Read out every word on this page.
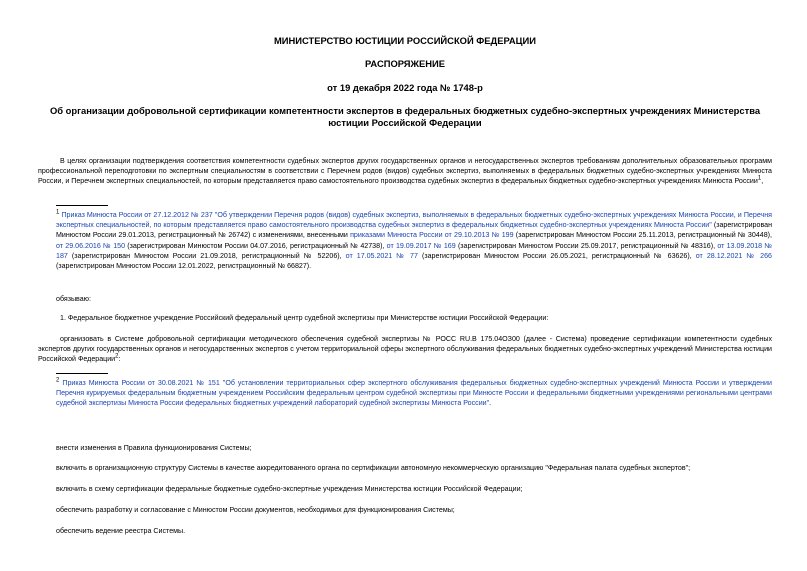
МИНИСТЕРСТВО ЮСТИЦИИ РОССИЙСКОЙ ФЕДЕРАЦИИ
РАСПОРЯЖЕНИЕ
от 19 декабря 2022 года № 1748-р
Об организации добровольной сертификации компетентности экспертов в федеральных бюджетных судебно-экспертных учреждениях Министерства юстиции Российской Федерации

В целях организации подтверждения соответствия компетентности судебных экспертов других государственных органов и негосударственных экспертов требованиям дополнительных образовательных программ профессиональной переподготовки по экспертным специальностям в соответствии с Перечнем родов (видов) судебных экспертиз, выполняемых в федеральных бюджетных судебно-экспертных учреждениях Минюста России, и Перечнем экспертных специальностей, по которым представляется право самостоятельного производства судебных экспертиз в федеральных бюджетных судебно-экспертных учреждениях Минюста России$^1$,

$^1$ Приказ Минюста России от 27.12.2012 № 237 "Об утверждении Перечня родов (видов) судебных экспертиз, выполняемых в федеральных бюджетных судебно-экспертных учреждениях Минюста России, и Перечня экспертных специальностей, по которым представляется право самостоятельного производства судебных экспертиз в федеральных бюджетных судебно-экспертных учреждениях Минюста России" (зарегистрирован Минюстом России 29.01.2013, регистрационный № 26742) с изменениями, внесенными приказами Минюста России от 29.10.2013 № 199 (зарегистрирован Минюстом России 25.11.2013, регистрационный № 30448), от 29.06.2016 № 150 (зарегистрирован Минюстом России 04.07.2016, регистрационный № 42738), от 19.09.2017 № 169 (зарегистрирован Минюстом России 25.09.2017, регистрационный № 48316), от 13.09.2018 № 187 (зарегистрирован Минюстом России 21.09.2018, регистрационный № 52206), от 17.05.2021 № 77 (зарегистрирован Минюстом России 26.05.2021, регистрационный № 63626), от 28.12.2021 № 266 (зарегистрирован Минюстом России 12.01.2022, регистрационный № 66827).

обязываю:
1. Федеральное бюджетное учреждение Российский федеральный центр судебной экспертизы при Министерстве юстиции Российской Федерации:

организовать в Системе добровольной сертификации методического обеспечения судебной экспертизы № РОСС RU.B 175.04ОЗ00 (далее - Система) проведение сертификации компетентности судебных экспертов других государственных органов и негосударственных экспертов с учетом территориальной сферы экспертного обслуживания федеральных бюджетных судебно-экспертных учреждений Министерства юстиции Российской Федерации$^2$:

$^2$ Приказ Минюста России от 30.08.2021 № 151 "Об установлении территориальных сфер экспертного обслуживания федеральных бюджетных судебно-экспертных учреждений Минюста России и утверждении Перечня курируемых федеральным бюджетным учреждением Российским федеральным центром судебной экспертизы при Минюсте России и федеральными бюджетными учреждениями региональными центрами судебной экспертизы Минюста России федеральных бюджетных учреждений лабораторий судебной экспертизы Минюста России".

внести изменения в Правила функционирования Системы;
включить в организационную структуру Системы в качестве аккредитованного органа по сертификации автономную некоммерческую организацию "Федеральная палата судебных экспертов";
включить в схему сертификации федеральные бюджетные судебно-экспертные учреждения Министерства юстиции Российской Федерации;
обеспечить разработку и согласование с Минюстом России документов, необходимых для функционирования Системы;
обеспечить ведение реестра Системы.
